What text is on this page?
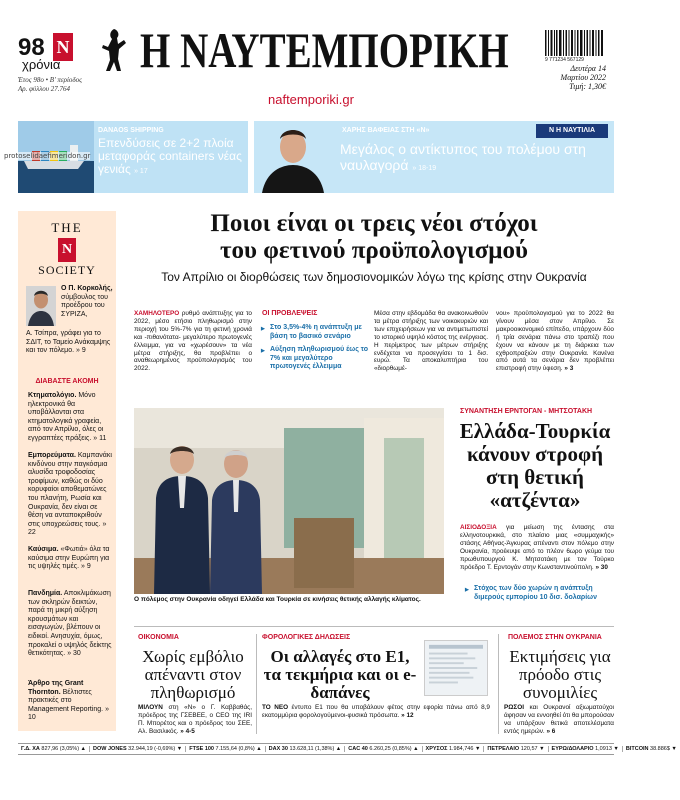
98 N
χρόνια
Έτος 98ο • Β' περίοδος
Αρ. φύλλου 27.764
Η ΝΑΥΤΕΜΠΟΡΙΚΗ
naftemporiki.gr
9 771234 567129
Δευτέρα 14
Μαρτίου 2022
Τιμή: 1,30€
DANAOS SHIPPING
Επενδύσεις σε 2+2 πλοία μεταφοράς containers νέας γενιάς » 17
protoselidaefimeridon.gr
N Η ΝΑΥΤΙΛΙΑ
ΧΑΡΗΣ ΒΑΦΕΙΑΣ ΣΤΗ «Ν»
Μεγάλος ο αντίκτυπος του πολέμου στη ναυλαγορά » 18-19
THE
N
SOCIETY
Ο Π. Κορκολής, σύμβουλος του προέδρου του ΣΥΡΙΖΑ,
Α. Τσίπρα, γράφει για το ΣΔΙΤ, το Ταμείο Ανάκαμψης και τον πόλεμο. » 9
ΔΙΑΒΑΣΤΕ ΑΚΟΜΗ
Κτηματολόγιο. Μόνο ηλεκτρονικά θα υποβάλλονται στα κτηματολογικά γραφεία, από τον Απρίλιο, όλες οι εγγραπτέες πράξεις. » 11
Εμπορεύματα. Καμπανάκι κινδύνου στην παγκόσμια αλυσίδα τροφοδοσίας τροφίμων, καθώς οι δύο κορυφαίοι αποθεματώνες του πλανήτη, Ρωσία και Ουκρανία, δεν είναι σε θέση να ανταποκριθούν στις υποχρεώσεις τους. » 22
Καύσιμα. «Φωτιά» όλα τα καύσιμα στην Ευρώπη για τις υψηλές τιμές. » 9
Πανδημία. Αποκλιμάκωση των σκληρών δεικτών, παρά τη μικρή αύξηση κρουσμάτων και εισαγωγών, βλέπουν οι ειδικοί. Ανησυχία, όμως, προκαλεί ο υψηλός δείκτης θετικότητας. » 30
Άρθρο της Grant Thornton. Βέλτιστες πρακτικές στο Management Reporting. » 10
Ποιοι είναι οι τρεις νέοι στόχοι
του φετινού προϋπολογισμού
Τον Απρίλιο οι διορθώσεις των δημοσιονομικών λόγω της κρίσης στην Ουκρανία
ΧΑΜΗΛΟΤΕΡΟ ρυθμό ανάπτυξης για το 2022, μέσο ετήσιο πληθωρισμό στην περιοχή του 5%-7% για τη φετινή χρονιά και -πιθανότατα- μεγαλύτερο πρωτογενές έλλειμμα, για να «χωρέσουν» τα νέα μέτρα στήριξης, θα προβλέπει ο αναθεωρημένος προϋπολογισμός του 2022.
ΟΙ ΠΡΟΒΛΕΨΕΙΣ
▶ Στο 3,5%-4% η ανάπτυξη με βάση το βασικό σενάριο
▶ Αύξηση πληθωρισμού έως το 7% και μεγαλύτερο πρωτογενές έλλειμμα
Μέσα στην εβδομάδα θα ανακοινωθούν τα μέτρα στήριξης των νοικοκυριών και των επιχειρήσεων για να αντιμετωπιστεί το ιστορικό υψηλό κόστος της ενέργειας. Η περίμετρος των μέτρων στήριξης ενδέχεται να προσεγγίσει το 1 δισ. ευρώ. Τα αποκαλυπτήρια του «διορθωμέ-
νου» προϋπολογισμού για το 2022 θα γίνουν μέσα στον Απρίλιο. Σε μακροοικονομικό επίπεδο, υπάρχουν δύο ή τρία σενάρια πάνω στο τραπέζι που έχουν να κάνουν με τη διάρκεια των εχθροπραξιών στην Ουκρανία. Κανένα από αυτά τα σενάρια δεν προβλέπει επιστροφή στην ύφεση. » 3
Ο πόλεμος στην Ουκρανία οδηγεί Ελλάδα και Τουρκία σε κινήσεις θετικής αλλαγής κλίματος.
ΣΥΝΑΝΤΗΣΗ ΕΡΝΤΟΓΑΝ - ΜΗΤΣΟΤΑΚΗ
Ελλάδα-Τουρκία κάνουν στροφή στη θετική «ατζέντα»
ΑΙΣΙΟΔΟΞΙΑ για μείωση της έντασης στα ελληνοτουρκικά, στο πλαίσιο μιας «συμμαχικής» στάσης Αθήνας-Άγκυρας απέναντι στον πόλεμο στην Ουκρανία, προέκυψε από το πλέον 6ωρο γεύμα του πρωθυπουργού Κ. Μητσοτάκη με τον Τούρκο πρόεδρο Τ. Ερντογάν στην Κωνσταντινούπολη. » 30
▶ Στόχος των δύο χωρών η ανάπτυξη διμερούς εμπορίου 10 δισ. δολαρίων
ΟΙΚΟΝΟΜΙΑ
Χωρίς εμβόλιο απέναντι στον πληθωρισμό
ΜΙΛΟΥΝ στη «Ν» ο Γ. Καββαθάς, πρόεδρος της ΓΣΕΒΕΕ, ο CEO της IRI Π. Μπορέτος και ο πρόεδρος του ΣΕΕ, Αλ. Βασιλικός. » 4-5
ΦΟΡΟΛΟΓΙΚΕΣ ΔΗΛΩΣΕΙΣ
Οι αλλαγές στο Ε1, τα τεκμήρια και οι e-δαπάνες
ΤΟ ΝΕΟ έντυπο Ε1 που θα υποβάλουν φέτος στην εφορία πάνω από 8,9 εκατομμύρια φορολογούμενοι-φυσικά πρόσωπα. » 12
ΠΟΛΕΜΟΣ ΣΤΗΝ ΟΥΚΡΑΝΙΑ
Εκτιμήσεις για πρόοδο στις συνομιλίες
ΡΩΣΟΙ και Ουκρανοί αξιωματούχοι άφησαν να εννοηθεί ότι θα μπορούσαν να υπάρξουν θετικά αποτελέσματα εντός ημερών. » 6
Γ.Δ. ΧΑ 827,96 (3,05%) ▲	DOW JONES 32.944,19 (-0,69%) ▼	FTSE 100 7.155,64 (0,8%) ▲	DAX 30 13.628,11 (1,38%) ▲	CAC 40 6.260,25 (0,85%) ▲	ΧΡΥΣΟΣ 1.984,746 ▼	ΠΕΤΡΕΛΑΙΟ 120,57 ▼	ΕΥΡΩ/ΔΟΛΑΡΙΟ 1,0913 ▼	BITCOIN 38.886$ ▼
